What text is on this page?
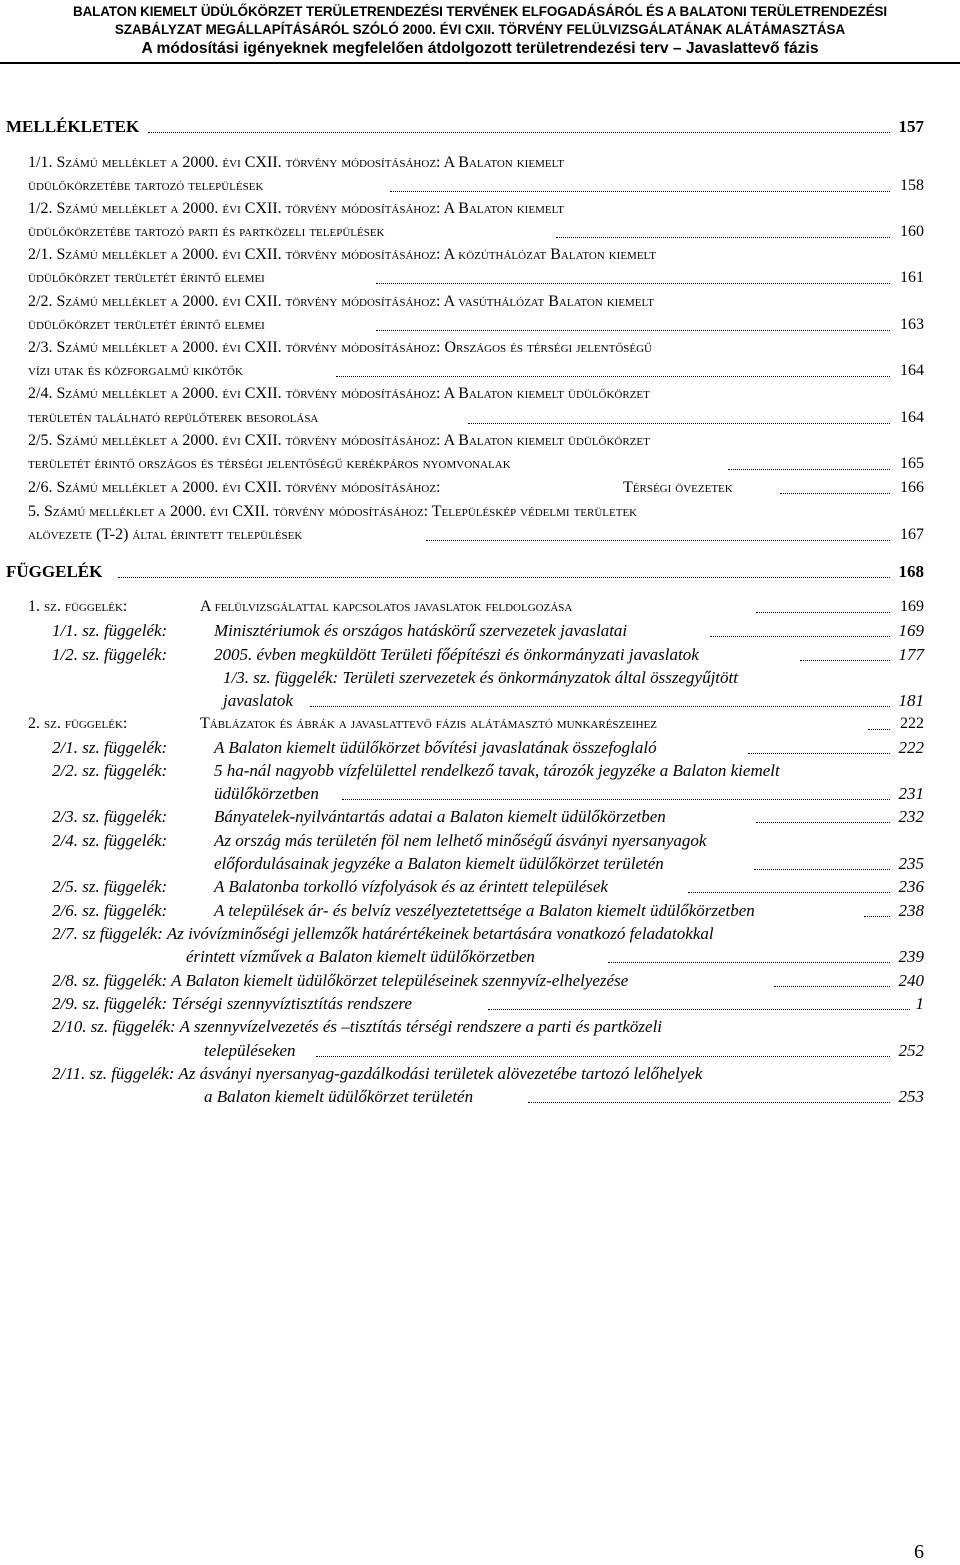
BALATON KIEMELT ÜDÜLŐKÖRZET TERÜLETRENDEZÉSI TERVÉNEK ELFOGADÁSÁRÓL ÉS A BALATONI TERÜLETRENDEZÉSI
SZABÁLYZAT MEGÁLLAPÍTÁSÁRÓL SZÓLÓ 2000. ÉVI CXII. TÖRVÉNY FELÜLVIZSGÁLATÁNAK ALÁTÁMASZTÁSA
A módosítási igényeknek megfelelően átdolgozott területrendezési terv – Javaslattevő fázis
MELLÉKLETEK	157
1/1. Számú melléklet a 2000. évi CXII. törvény módosításához: A Balaton kiemelt
üdülőkörzetébe tartozó települések	158
1/2. Számú melléklet a 2000. évi CXII. törvény módosításához: A Balaton kiemelt
üdülőkörzetébe tartozó parti és partközeli települések	160
2/1. Számú melléklet a 2000. évi CXII. törvény módosításához: A közúthálózat Balaton kiemelt
üdülőkörzet területét érintő elemei	161
2/2. Számú melléklet a 2000. évi CXII. törvény módosításához: A vasúthálózat Balaton kiemelt
üdülőkörzet területét érintő elemei	163
2/3. Számú melléklet a 2000. évi CXII. törvény módosításához: Országos és térségi jelentőségű
vízi utak és közforgalmú kikötők	164
2/4. Számú melléklet a 2000. évi CXII. törvény módosításához: A Balaton kiemelt üdülőkörzet
területén található repülőterek besorolása	164
2/5. Számú melléklet a 2000. évi CXII. törvény módosításához: A Balaton kiemelt üdülőkörzet
területét érintő országos és térségi jelentőségű kerékpáros nyomvonalak	165
2/6. Számú melléklet a 2000. évi CXII. törvény módosításához:	Térségi övezetek	166
5. Számú melléklet a 2000. évi CXII. törvény módosításához: Településkép védelmi területek
alövezete (T-2) által érintett települések	167
FÜGGELÉK	168
1. sz. függelék:	A felülvizsgálattal kapcsolatos javaslatok feldolgozása	169
1/1. sz. függelék:	Minisztériumok és országos hatáskörű szervezetek javaslatai	169
1/2. sz. függelék:	2005. évben megküldött Területi főépítészi és önkormányzati javaslatok	177
1/3. sz. függelék: Területi szervezetek és önkormányzatok által összegyűjtött
javaslatok	181
2. sz. függelék:	Táblázatok és ábrák a javaslattevő fázis alátámasztó munkarészeihez	222
2/1. sz. függelék:	A Balaton kiemelt üdülőkörzet bővítési javaslatának összefoglaló	222
2/2. sz. függelék:	5 ha-nál nagyobb vízfelülettel rendelkező tavak, tározók jegyzéke a Balaton kiemelt
üdülőkörzetben	231
2/3. sz. függelék:	Bányatelek-nyilvántartás adatai a Balaton kiemelt üdülőkörzetben	232
2/4. sz. függelék:	Az ország más területén föl nem lelhető minőségű ásványi nyersanyagok
előfordulásainak jegyzéke a Balaton kiemelt üdülőkörzet területén	235
2/5. sz. függelék:	A Balatonba torkolló vízfolyások és az érintett települések	236
2/6. sz. függelék:	A települések ár- és belvíz veszélyeztetettsége a Balaton kiemelt üdülőkörzetben	238
2/7. sz függelék: Az ivóvízminőségi jellemzők határértékeinek betartására vonatkozó feladatokkal
érintett vízművek a Balaton kiemelt üdülőkörzetben	239
2/8. sz. függelék: A Balaton kiemelt üdülőkörzet településeinek szennyvíz-elhelyezése	240
2/9. sz. függelék: Térségi szennyvíztisztítás rendszere	1
2/10. sz. függelék: A szennyvízelvezetés és –tisztítás térségi rendszere a parti és partközeli
településeken	252
2/11. sz. függelék: Az ásványi nyersanyag-gazdálkodási területek alövezetébe tartozó lelőhelyek
a Balaton kiemelt üdülőkörzet területén	253
6
